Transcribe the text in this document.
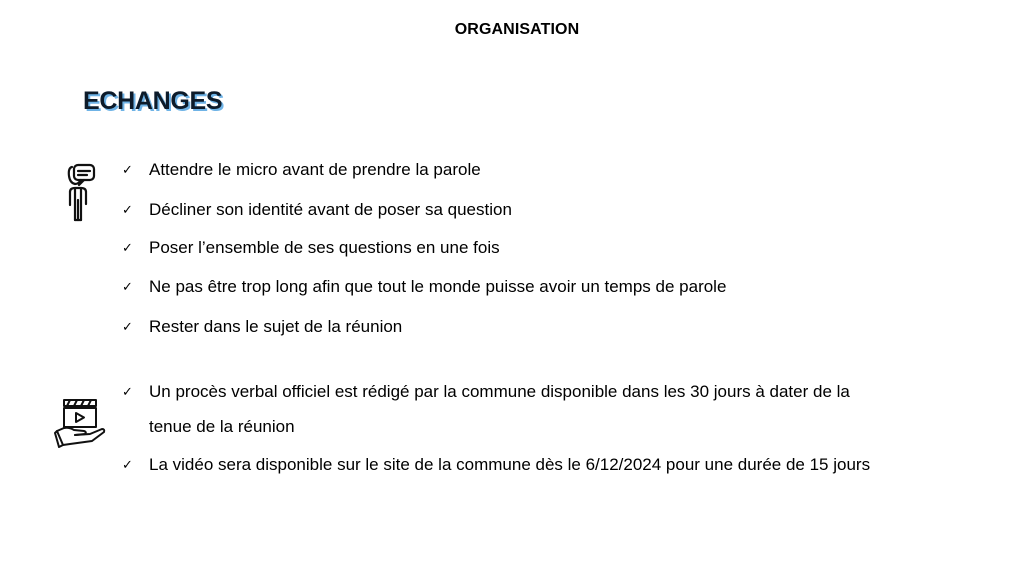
ORGANISATION
ECHANGES
✓ Attendre le micro avant de prendre la parole
✓ Décliner son identité avant de poser sa question
✓ Poser l’ensemble de ses questions en une fois
✓ Ne pas être trop long afin que tout le monde puisse avoir un temps de parole
✓ Rester dans le sujet de la réunion
✓ Un procès verbal officiel est rédigé par la commune disponible dans les 30 jours à dater de la
tenue de la réunion
✓ La vidéo sera disponible sur le site de la commune dès le 6/12/2024 pour une durée de 15 jours
